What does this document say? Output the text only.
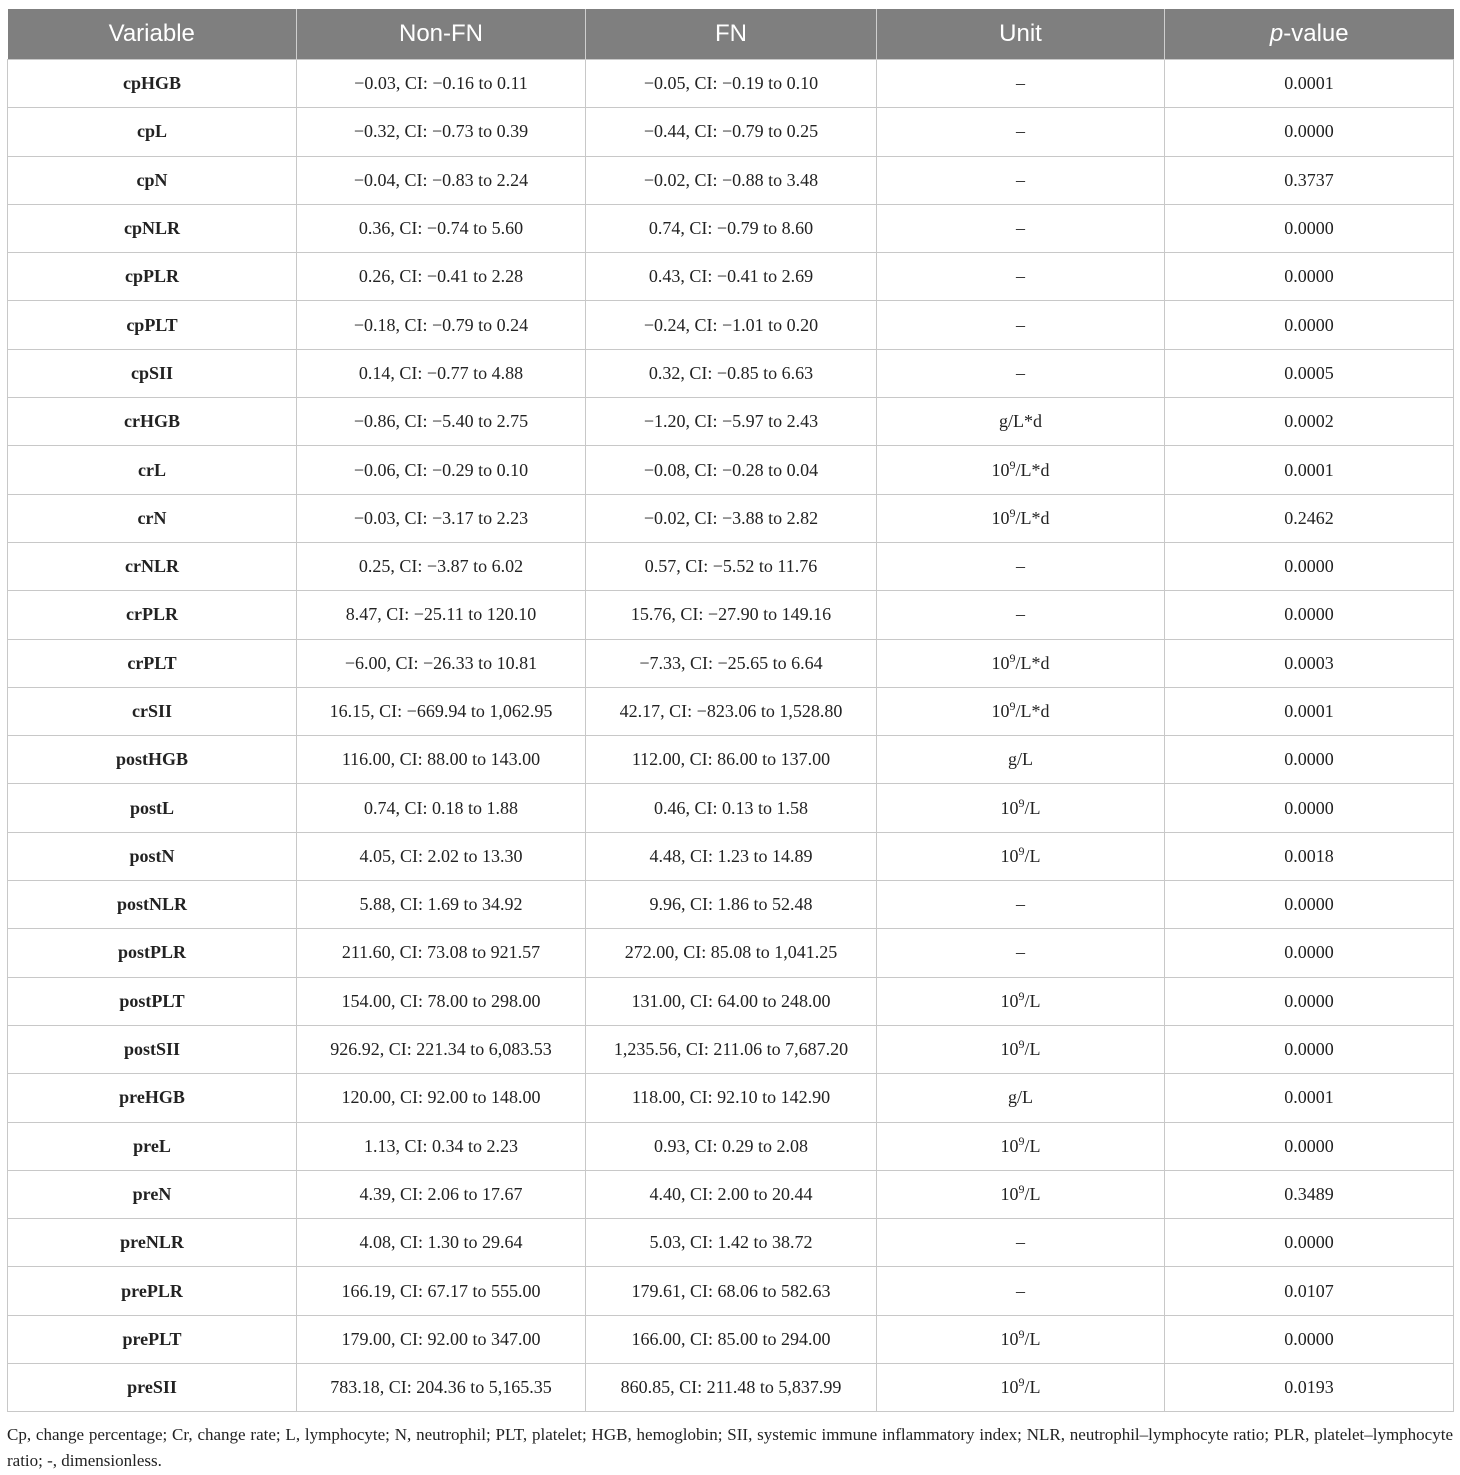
Variable	Non-FN	FN	Unit	p-value
cpHGB	−0.03, CI: −0.16 to 0.11	−0.05, CI: −0.19 to 0.10	–	0.0001
cpL	−0.32, CI: −0.73 to 0.39	−0.44, CI: −0.79 to 0.25	–	0.0000
cpN	−0.04, CI: −0.83 to 2.24	−0.02, CI: −0.88 to 3.48	–	0.3737
cpNLR	0.36, CI: −0.74 to 5.60	0.74, CI: −0.79 to 8.60	–	0.0000
cpPLR	0.26, CI: −0.41 to 2.28	0.43, CI: −0.41 to 2.69	–	0.0000
cpPLT	−0.18, CI: −0.79 to 0.24	−0.24, CI: −1.01 to 0.20	–	0.0000
cpSII	0.14, CI: −0.77 to 4.88	0.32, CI: −0.85 to 6.63	–	0.0005
crHGB	−0.86, CI: −5.40 to 2.75	−1.20, CI: −5.97 to 2.43	g/L*d	0.0002
crL	−0.06, CI: −0.29 to 0.10	−0.08, CI: −0.28 to 0.04	$10^9/L*d$	0.0001
crN	−0.03, CI: −3.17 to 2.23	−0.02, CI: −3.88 to 2.82	$10^9/L*d$	0.2462
crNLR	0.25, CI: −3.87 to 6.02	0.57, CI: −5.52 to 11.76	–	0.0000
crPLR	8.47, CI: −25.11 to 120.10	15.76, CI: −27.90 to 149.16	–	0.0000
crPLT	−6.00, CI: −26.33 to 10.81	−7.33, CI: −25.65 to 6.64	$10^9/L*d$	0.0003
crSII	16.15, CI: −669.94 to 1,062.95	42.17, CI: −823.06 to 1,528.80	$10^9/L*d$	0.0001
postHGB	116.00, CI: 88.00 to 143.00	112.00, CI: 86.00 to 137.00	g/L	0.0000
postL	0.74, CI: 0.18 to 1.88	0.46, CI: 0.13 to 1.58	$10^9/L$	0.0000
postN	4.05, CI: 2.02 to 13.30	4.48, CI: 1.23 to 14.89	$10^9/L$	0.0018
postNLR	5.88, CI: 1.69 to 34.92	9.96, CI: 1.86 to 52.48	–	0.0000
postPLR	211.60, CI: 73.08 to 921.57	272.00, CI: 85.08 to 1,041.25	–	0.0000
postPLT	154.00, CI: 78.00 to 298.00	131.00, CI: 64.00 to 248.00	$10^9/L$	0.0000
postSII	926.92, CI: 221.34 to 6,083.53	1,235.56, CI: 211.06 to 7,687.20	$10^9/L$	0.0000
preHGB	120.00, CI: 92.00 to 148.00	118.00, CI: 92.10 to 142.90	g/L	0.0001
preL	1.13, CI: 0.34 to 2.23	0.93, CI: 0.29 to 2.08	$10^9/L$	0.0000
preN	4.39, CI: 2.06 to 17.67	4.40, CI: 2.00 to 20.44	$10^9/L$	0.3489
preNLR	4.08, CI: 1.30 to 29.64	5.03, CI: 1.42 to 38.72	–	0.0000
prePLR	166.19, CI: 67.17 to 555.00	179.61, CI: 68.06 to 582.63	–	0.0107
prePLT	179.00, CI: 92.00 to 347.00	166.00, CI: 85.00 to 294.00	$10^9/L$	0.0000
preSII	783.18, CI: 204.36 to 5,165.35	860.85, CI: 211.48 to 5,837.99	$10^9/L$	0.0193
Cp, change percentage; Cr, change rate; L, lymphocyte; N, neutrophil; PLT, platelet; HGB, hemoglobin; SII, systemic immune inflammatory index; NLR, neutrophil–lymphocyte ratio; PLR, platelet–lymphocyte ratio; -, dimensionless.
